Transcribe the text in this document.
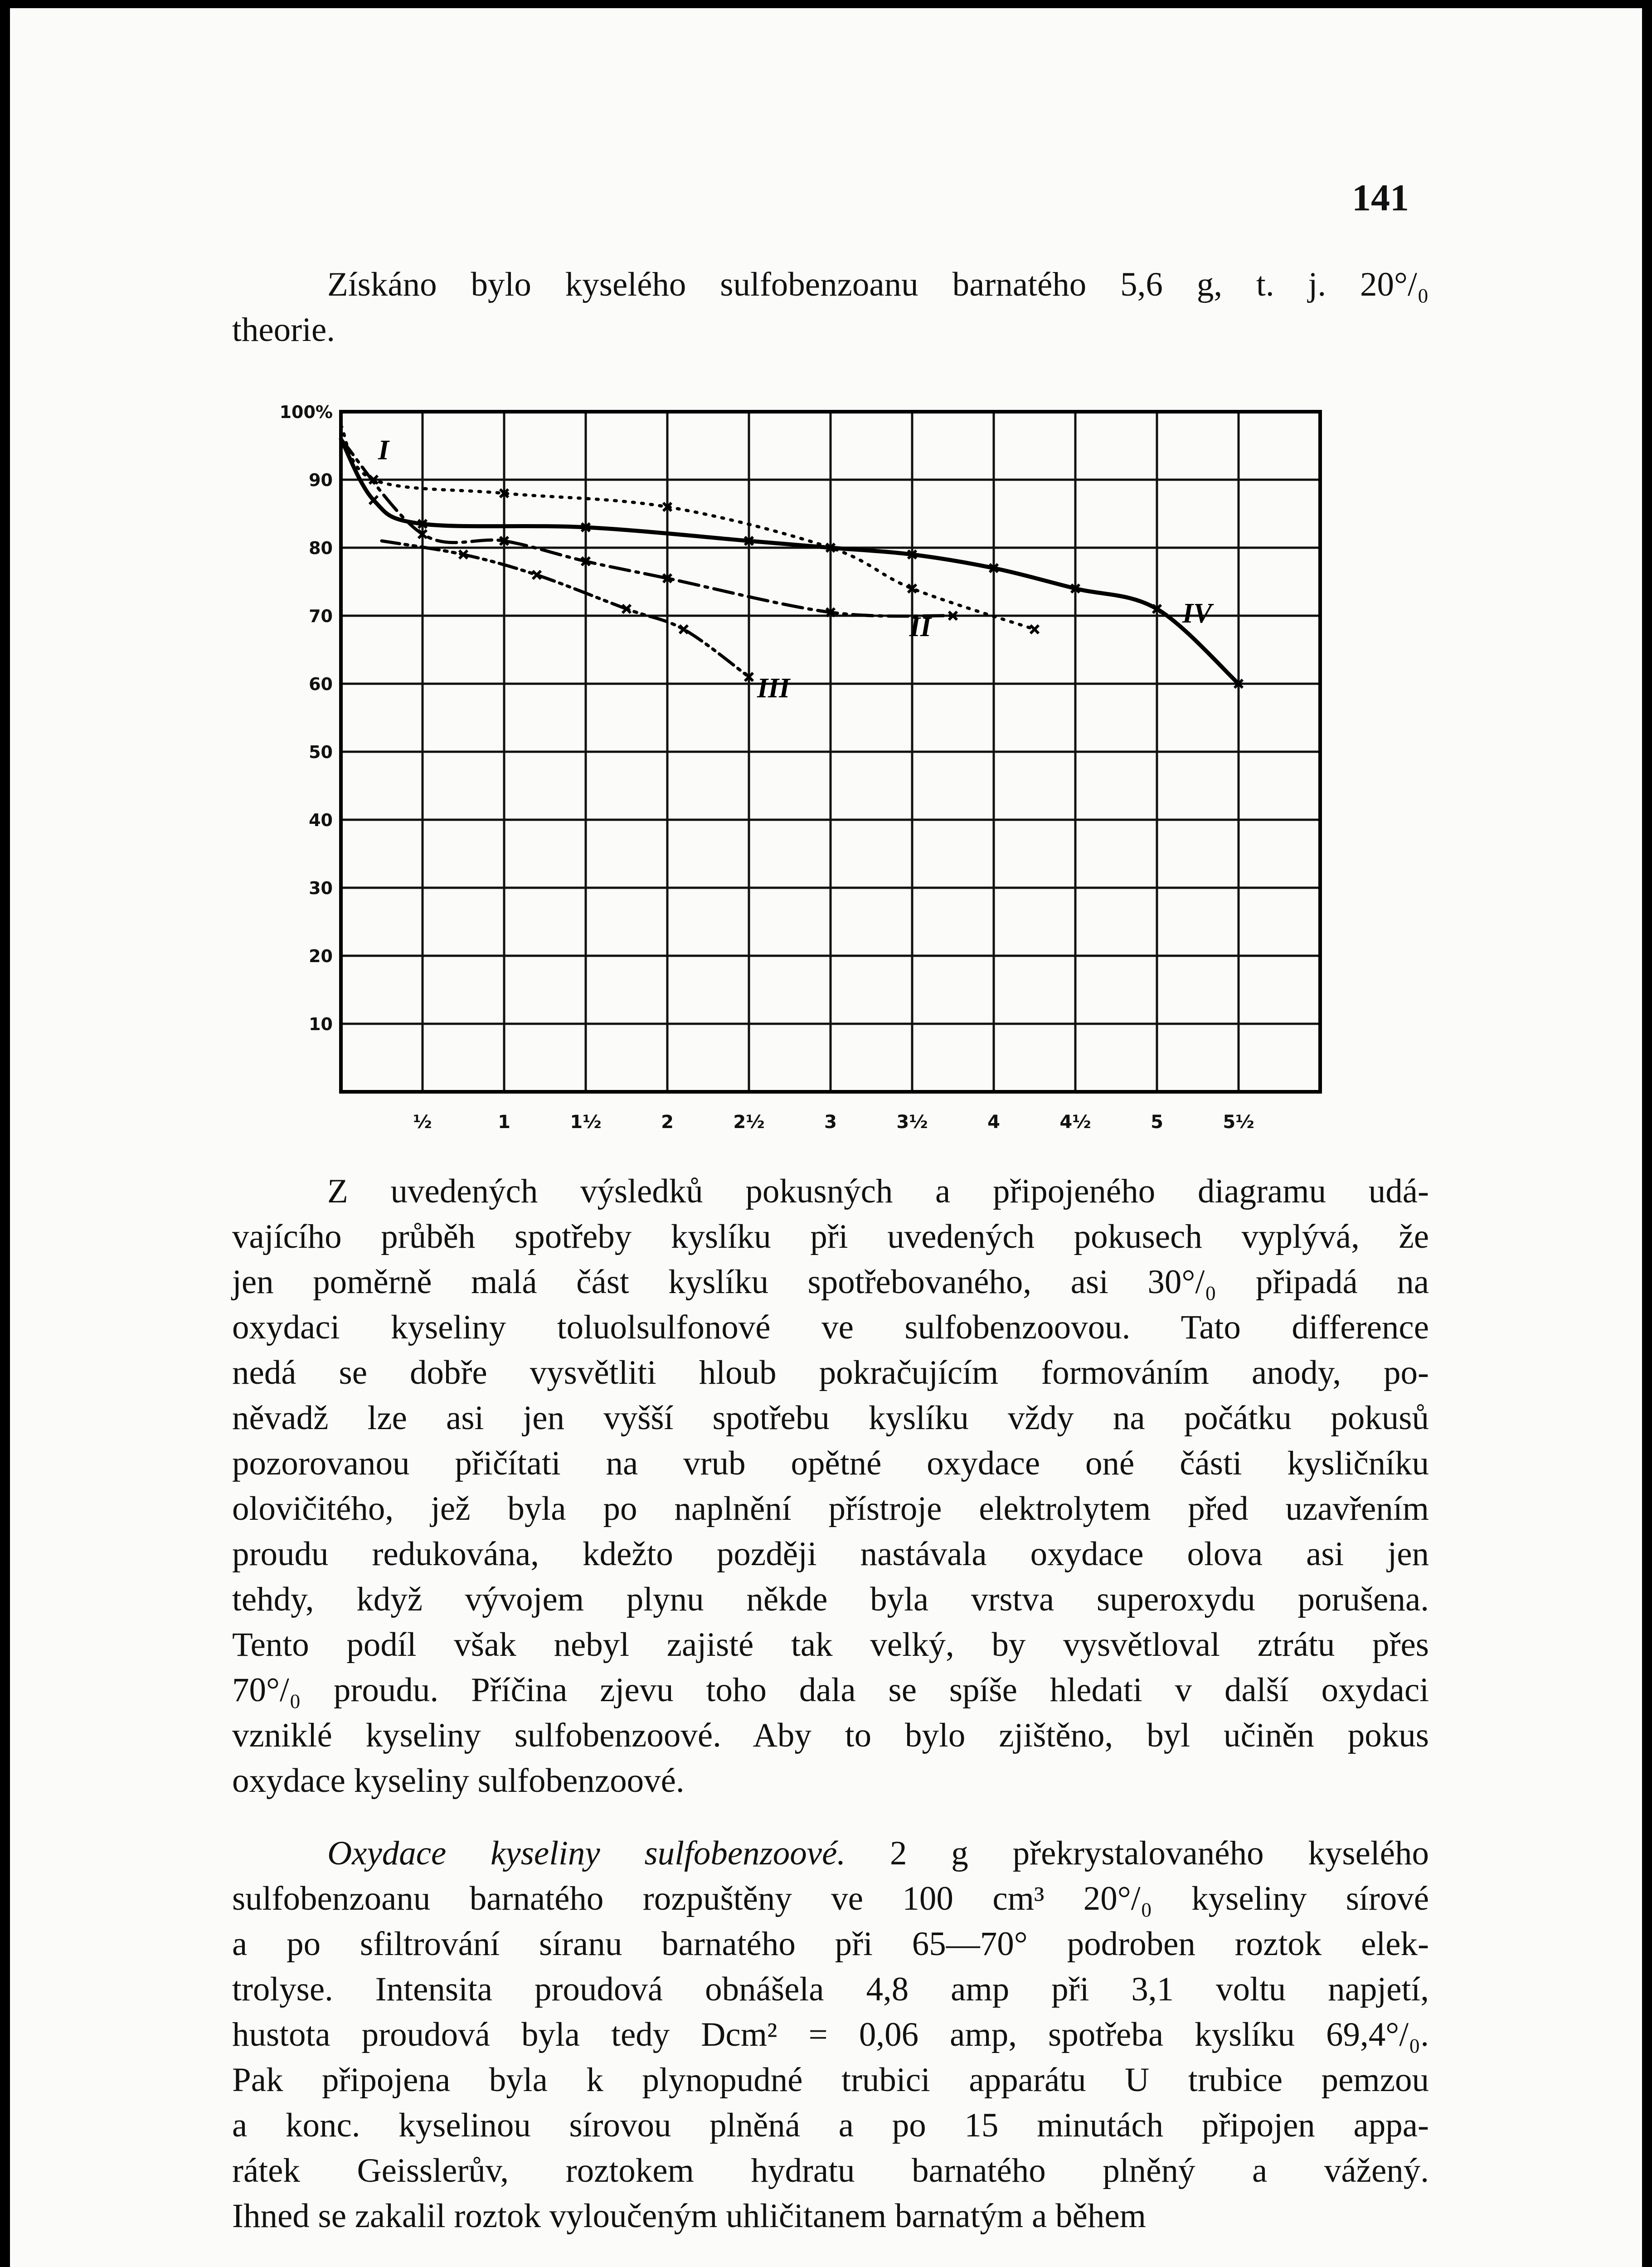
141
Získáno bylo kyselého sulfobenzoanu barnatého 5,6 g, t. j. 20°/₀
theorie.
100%
90
80
70
60
50
40
30
20
10
½	1	1½	2	2½	3	3½	4	4½	5	5½
I
II
III
IV
Z uvedených výsledků pokusných a připojeného diagramu udá-
vajícího průběh spotřeby kyslíku při uvedených pokusech vyplývá, že
jen poměrně malá část kyslíku spotřebovaného, asi 30°/₀ připadá na
oxydaci kyseliny toluolsulfonové ve sulfobenzoovou. Tato difference
nedá se dobře vysvětliti hloub pokračujícím formováním anody, po-
něvadž lze asi jen vyšší spotřebu kyslíku vždy na počátku pokusů
pozorovanou přičítati na vrub opětné oxydace oné části kysličníku
olovičitého, jež byla po naplnění přístroje elektrolytem před uzavřením
proudu redukována, kdežto později nastávala oxydace olova asi jen
tehdy, když vývojem plynu někde byla vrstva superoxydu porušena.
Tento podíl však nebyl zajisté tak velký, by vysvětloval ztrátu přes
70°/₀ proudu. Příčina zjevu toho dala se spíše hledati v další oxydaci
vzniklé kyseliny sulfobenzoové. Aby to bylo zjištěno, byl učiněn pokus
oxydace kyseliny sulfobenzoové.
Oxydace kyseliny sulfobenzoové. 2 g překrystalovaného kyselého
sulfobenzoanu barnatého rozpuštěny ve 100 cm³ 20°/₀ kyseliny sírové
a po sfiltrování síranu barnatého při 65—70° podroben roztok elek-
trolyse. Intensita proudová obnášela 4,8 amp při 3,1 voltu napjetí,
hustota proudová byla tedy Dcm² = 0,06 amp, spotřeba kyslíku 69,4°/₀.
Pak připojena byla k plynopudné trubici apparátu U trubice pemzou
a konc. kyselinou sírovou plněná a po 15 minutách připojen appa-
rátek Geisslerův, roztokem hydratu barnatého plněný a vážený.
Ihned se zakalil roztok vyloučeným uhličitanem barnatým a během
